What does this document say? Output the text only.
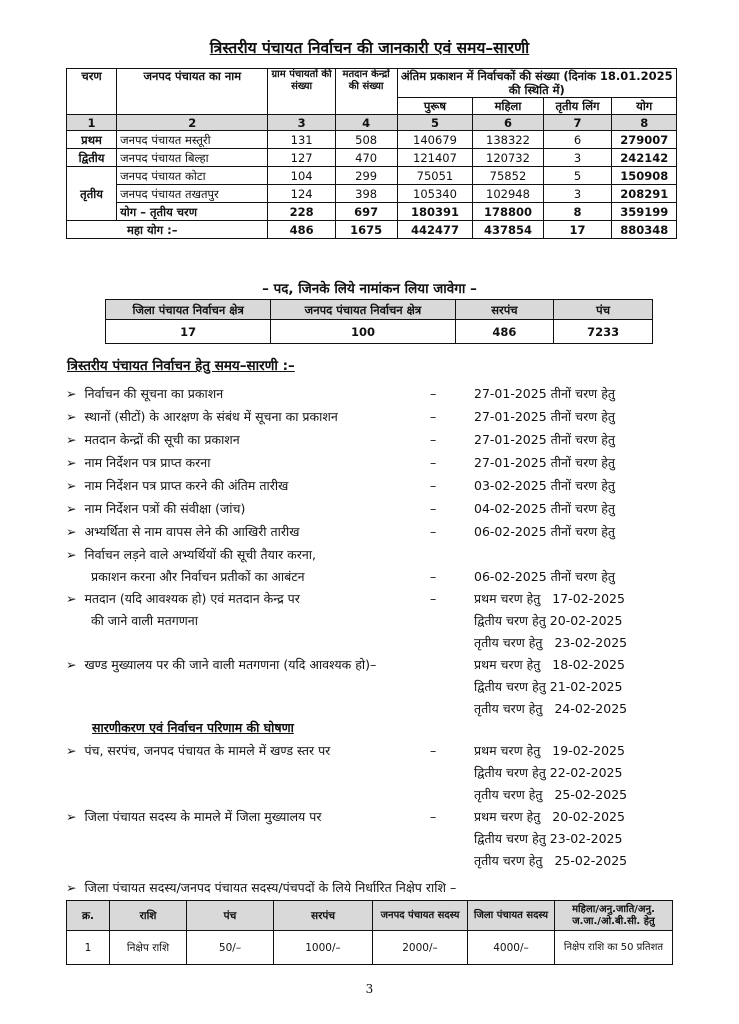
त्रिस्तरीय पंचायत निर्वाचन की जानकारी एवं समय–सारणी
चरण	जनपद पंचायत का नाम	ग्राम पंचायतों की संख्या	मतदान केन्द्रों की संख्या	अंतिम प्रकाशन में निर्वाचकों की संख्या (दिनांक 18.01.2025 की स्थिति में)			
				पुरूष	महिला	तृतीय लिंग	योग
1	2	3	4	5	6	7	8
प्रथम	जनपद पंचायत मस्तूरी	131	508	140679	138322	6	279007
द्वितीय	जनपद पंचायत बिल्हा	127	470	121407	120732	3	242142
तृतीय	जनपद पंचायत कोटा	104	299	75051	75852	5	150908
	जनपद पंचायत तखतपुर	124	398	105340	102948	3	208291
	योग – तृतीय चरण	228	697	180391	178800	8	359199
महा योग :–		486	1675	442477	437854	17	880348
– पद, जिनके लिये नामांकन लिया जावेगा –
जिला पंचायत निर्वाचन क्षेत्र	जनपद पंचायत निर्वाचन क्षेत्र	सरपंच	पंच
17	100	486	7233
त्रिस्तरीय पंचायत निर्वाचन हेतु समय–सारणी :–
➢ निर्वाचन की सूचना का प्रकाशन	–	27-01-2025 तीनों चरण हेतु
➢ स्थानों (सीटों) के आरक्षण के संबंध में सूचना का प्रकाशन	–	27-01-2025 तीनों चरण हेतु
➢ मतदान केन्द्रों की सूची का प्रकाशन	–	27-01-2025 तीनों चरण हेतु
➢ नाम निर्देशन पत्र प्राप्त करना	–	27-01-2025 तीनों चरण हेतु
➢ नाम निर्देशन पत्र प्राप्त करने की अंतिम तारीख	–	03-02-2025 तीनों चरण हेतु
➢ नाम निर्देशन पत्रों की संवीक्षा (जांच)	–	04-02-2025 तीनों चरण हेतु
➢ अभ्यर्थिता से नाम वापस लेने की आखिरी तारीख	–	06-02-2025 तीनों चरण हेतु
➢ निर्वाचन लड़ने वाले अभ्यर्थियों की सूची तैयार करना,
प्रकाशन करना और निर्वाचन प्रतीकों का आबंटन	–	06-02-2025 तीनों चरण हेतु
➢ मतदान (यदि आवश्यक हो) एवं मतदान केन्द्र पर	–
की जाने वाली मतगणना
प्रथम चरण हेतु   17-02-2025
द्वितीय चरण हेतु 20-02-2025
तृतीय चरण हेतु   23-02-2025
➢ खण्ड मुख्यालय पर की जाने वाली मतगणना (यदि आवश्यक हो)–	प्रथम चरण हेतु   18-02-2025
द्वितीय चरण हेतु 21-02-2025
तृतीय चरण हेतु   24-02-2025
सारणीकरण एवं निर्वाचन परिणाम की घोषणा
➢ पंच, सरपंच, जनपद पंचायत के मामले में खण्ड स्तर पर	–	प्रथम चरण हेतु   19-02-2025
द्वितीय चरण हेतु 22-02-2025
तृतीय चरण हेतु   25-02-2025
➢ जिला पंचायत सदस्य के मामले में जिला मुख्यालय पर	–	प्रथम चरण हेतु   20-02-2025
द्वितीय चरण हेतु 23-02-2025
तृतीय चरण हेतु   25-02-2025
➢ जिला पंचायत सदस्य/जनपद पंचायत सदस्य/पंचपदों के लिये निर्धारित निक्षेप राशि –
क्र.	राशि	पंच	सरपंच	जनपद पंचायत सदस्य	जिला पंचायत सदस्य	महिला/अनु.जाति/अनु. ज.जा./ओ.बी.सी. हेतु
1	निक्षेप राशि	50/–	1000/–	2000/–	4000/–	निक्षेप राशि का 50 प्रतिशत
3
